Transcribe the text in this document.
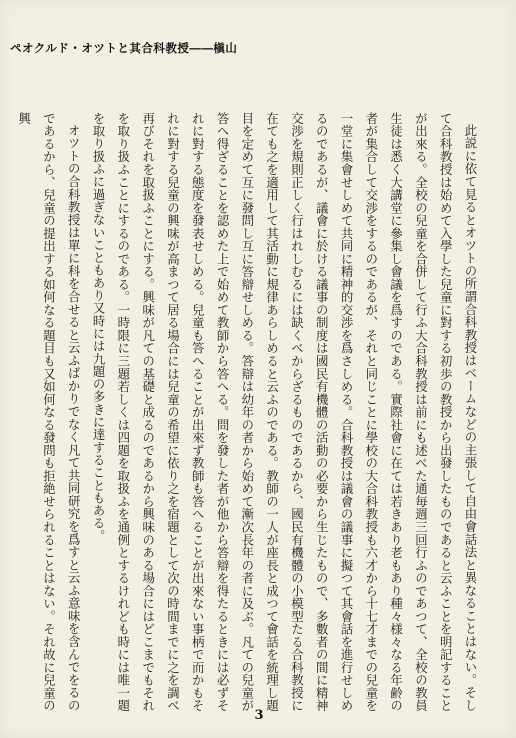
ペオクルド・オツトと其合科教授――槇山

此説に依て見るとオツトの所謂合科教授はベームなどの主張して自由會話法と異なることはない。そして合科教授は始めて入學した兒童に對する初歩の教授から出發したものであると云ふことを明記することが出來る。全校の兒童を合併して行ふ大合科教授は前にも述べた通毎週三回行ふのであつて、全校の教員生徒は悉く大講堂に參集し會議を爲すのである。實際社會に在ては若きあり老もあり種々様々なる年齢の者が集合して交渉をするのであるが、それと同じことに學校の大合科教授も六才から十七才までの兒童を一堂に集會せしめて共同に精神的交渉を爲さしめる。合科教授は議會の議事に擬つて其會話を進行せしめるのであるが、議會に於ける議事の制度は國民有機體の活動の必要から生じたもので、多數者の間に精神交渉を規則正しく行はれしむるには缺くべからざるものであるから、國民有機體の小模型たる合科教授に在ても之を適用して其活動に規律あらしめると云ふのである。教師の一人が座長と成つて會話を統理し題目を定めて互に發問し互に答辯せしめる。答辯は幼年の者から始めて漸次長年の者に及ぶ。凡ての兒童が答へ得ざることを認めた上で始めて教師から答へる。問を發した者が他から答辯を得たるときには必ずそれに對する態度を發表せしめる。兒童も答へることが出來ず教師も答へることが出來ない事柄で而かもそれに對する兒童の興味が高まつて居る場合には兒童の希望に依り之を宿題として次の時間までに之を調べ再びそれを取扱ふことにする。興味が凡ての基礎と成るのであるから興味のある場合にはどこまでもそれを取り扱ふことにするのである。一時限に三題若しくは四題を取扱ふを通例とするけれども時には唯一題を取り扱ふに過ぎないこともあり又時には九題の多きに達することもある。

オツトの合科教授は單に科を合せると云ふばかりでなく凡て共同研究を爲すと云ふ意味を含んでをるのであるから、兒童の提出する如何なる題目も又如何なる發問も拒絶せられることはない。それ故に兒童の興

3
